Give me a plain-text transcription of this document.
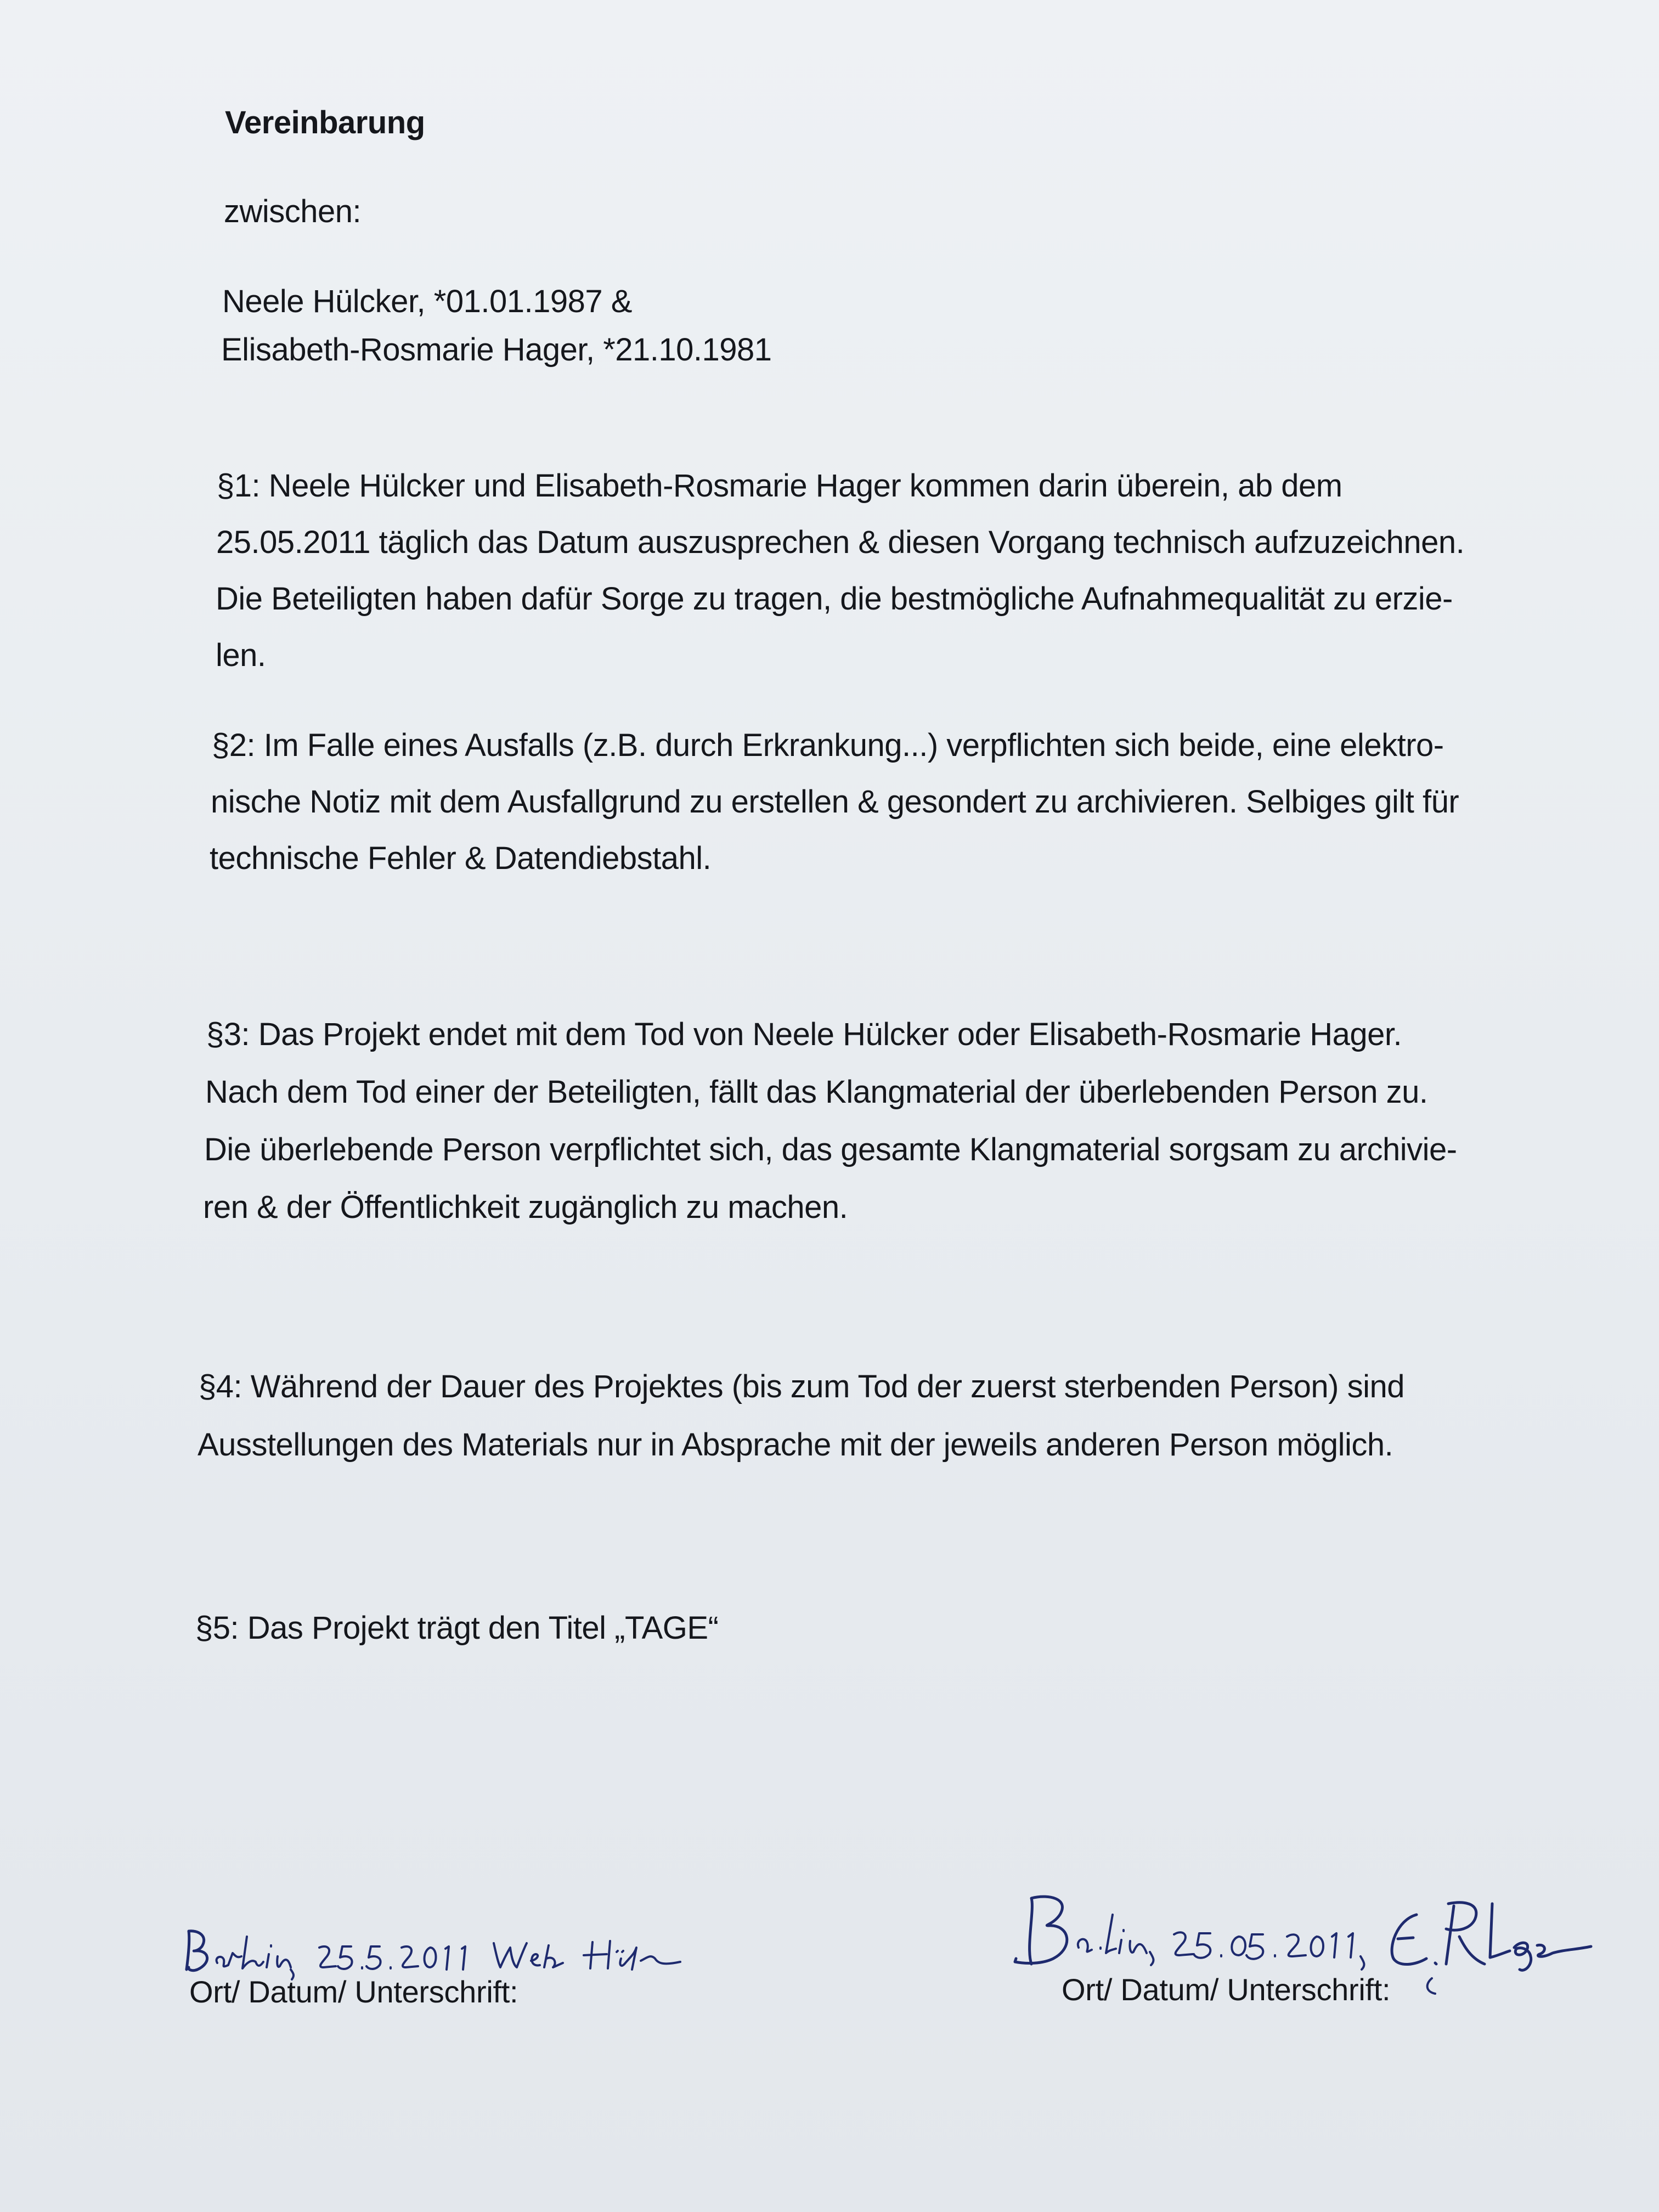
Vereinbarung
zwischen:
Neele Hülcker, *01.01.1987 &
Elisabeth-Rosmarie Hager, *21.10.1981
§1: Neele Hülcker und Elisabeth-Rosmarie Hager kommen darin überein, ab dem
25.05.2011 täglich das Datum auszusprechen & diesen Vorgang technisch aufzuzeichnen.
Die Beteiligten haben dafür Sorge zu tragen, die bestmögliche Aufnahmequalität zu erzie-
len.
§2: Im Falle eines Ausfalls (z.B. durch Erkrankung...) verpflichten sich beide, eine elektro-
nische Notiz mit dem Ausfallgrund zu erstellen & gesondert zu archivieren. Selbiges gilt für
technische Fehler & Datendiebstahl.
§3: Das Projekt endet mit dem Tod von Neele Hülcker oder Elisabeth-Rosmarie Hager.
Nach dem Tod einer der Beteiligten, fällt das Klangmaterial der überlebenden Person zu.
Die überlebende Person verpflichtet sich, das gesamte Klangmaterial sorgsam zu archivie-
ren & der Öffentlichkeit zugänglich zu machen.
§4: Während der Dauer des Projektes (bis zum Tod der zuerst sterbenden Person) sind
Ausstellungen des Materials nur in Absprache mit der jeweils anderen Person möglich.
§5: Das Projekt trägt den Titel „TAGE“
Ort/ Datum/ Unterschrift:	Ort/ Datum/ Unterschrift:
